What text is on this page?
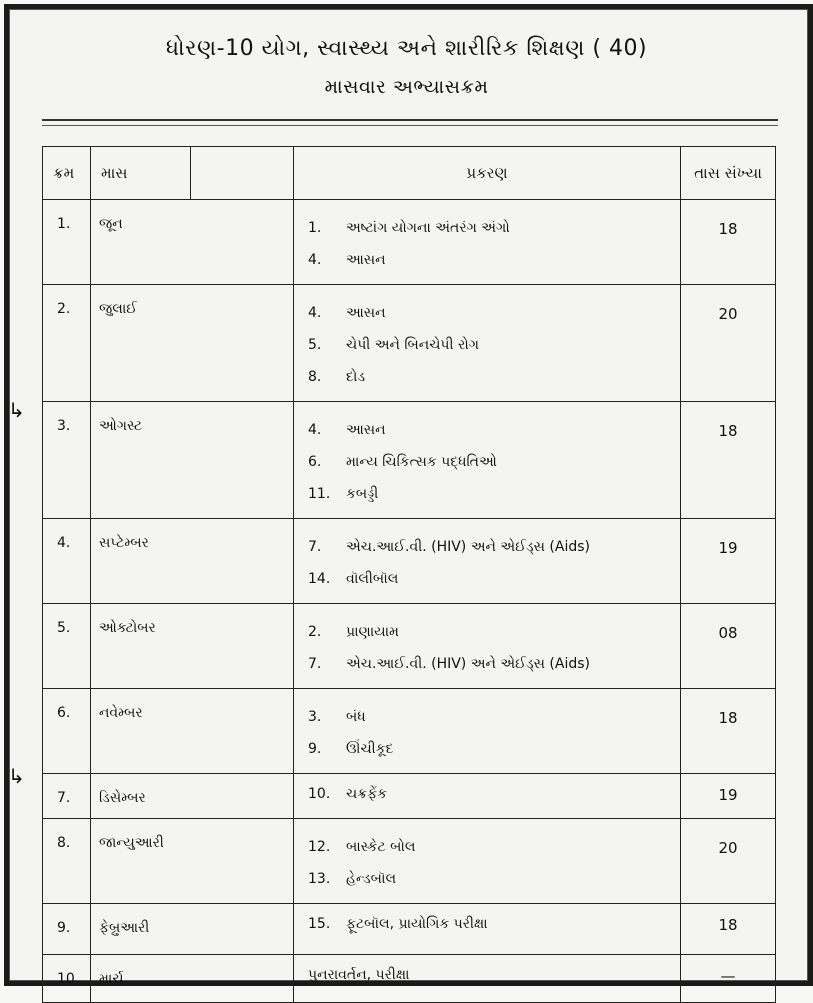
ધોરણ-10 યોગ, સ્વાસ્થ્ય અને શારીરિક શિક્ષણ ( 40)
માસવાર અભ્યાસક્રમ
↳
↳
ક્રમ	માસ		પ્રકરણ	તાસ સંખ્યા
1.	જૂન		1. અષ્ટાંગ યોગના અંતરંગ અંગો
4. આસન	18
2.	જુલાઈ		4. આસન
5. ચેપી અને બિનચેપી રોગ
8. દોડ	20
3.	ઓગસ્ટ		4. આસન
6. માન્ય ચિકિત્સક પદ્ધતિઓ
11. કબડ્ડી	18
4.	સપ્ટેમ્બર		7. એચ.આઈ.વી. (HIV) અને એઈડ્સ (Aids)
14. વૉલીબૉલ	19
5.	ઓક્ટોબર		2. પ્રાણાયામ
7. એચ.આઈ.વી. (HIV) અને એઈડ્સ (Aids)	08
6.	નવેમ્બર		3. બંધ
9. ઊંચીકૂદ	18
7.	ડિસેમ્બર		10. ચક્રફેંક	19
8.	જાન્યુઆરી		12. બાસ્કેટ બોલ
13. હેન્ડબૉલ	20
9.	ફેબ્રુઆરી		15. ફૂટબૉલ, પ્રાયોગિક પરીક્ષા	18
10.	માર્ચ		પુનરાવર્તન, પરીક્ષા	—
